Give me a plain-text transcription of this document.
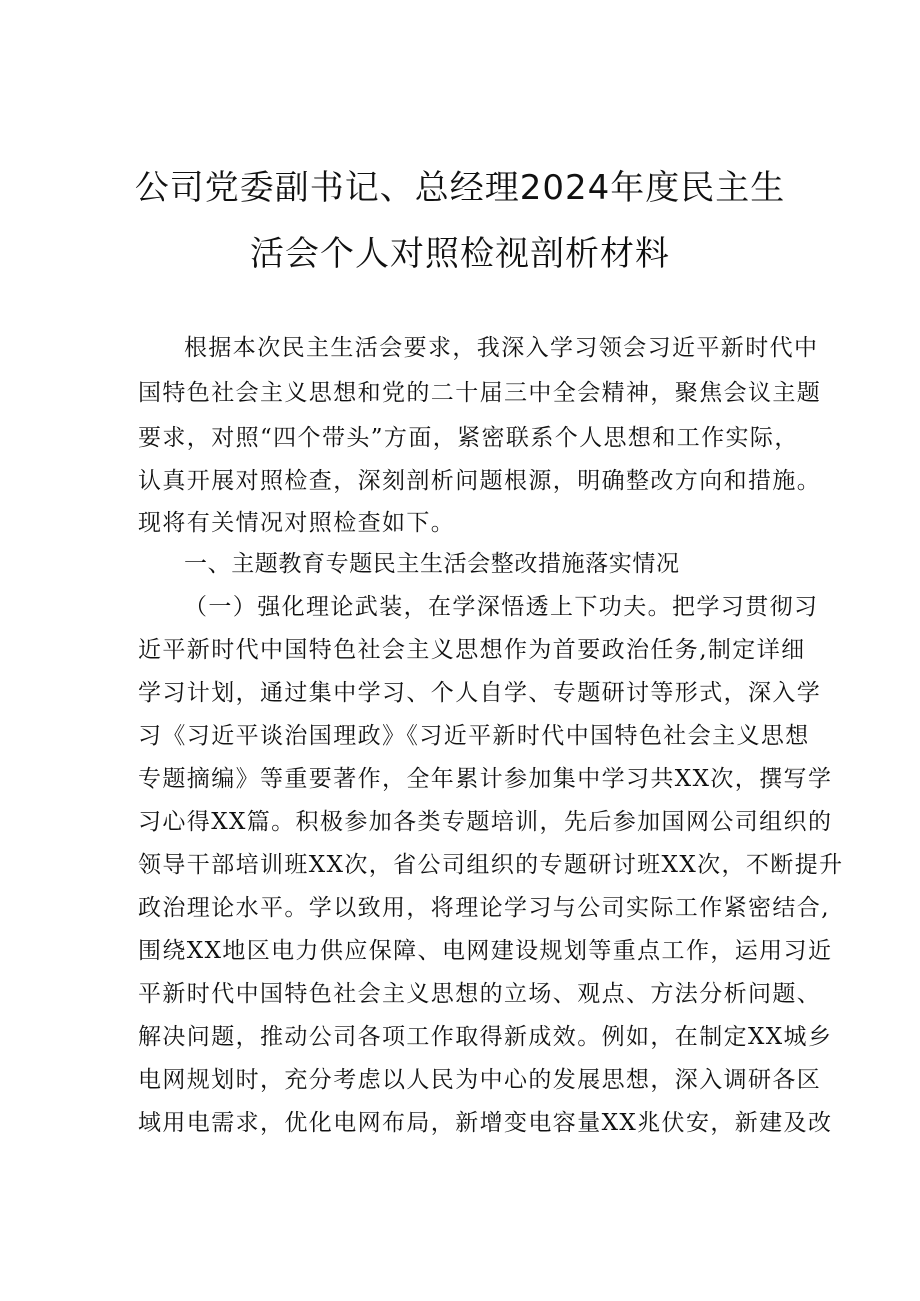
公司党委副书记、总经理2024年度民主生
活会个人对照检视剖析材料
根据本次民主生活会要求，我深入学习领会习近平新时代中
国特色社会主义思想和党的二十届三中全会精神，聚焦会议主题
要求，对照“四个带头”方面，紧密联系个人思想和工作实际，
认真开展对照检查，深刻剖析问题根源，明确整改方向和措施。
现将有关情况对照检查如下。
一、主题教育专题民主生活会整改措施落实情况
（一）强化理论武装，在学深悟透上下功夫。把学习贯彻习
近平新时代中国特色社会主义思想作为首要政治任务,制定详细
学习计划，通过集中学习、个人自学、专题研讨等形式，深入学
习《习近平谈治国理政》《习近平新时代中国特色社会主义思想
专题摘编》等重要著作，全年累计参加集中学习共XX次，撰写学
习心得XX篇。积极参加各类专题培训，先后参加国网公司组织的
领导干部培训班XX次，省公司组织的专题研讨班XX次，不断提升
政治理论水平。学以致用，将理论学习与公司实际工作紧密结合,
围绕XX地区电力供应保障、电网建设规划等重点工作，运用习近
平新时代中国特色社会主义思想的立场、观点、方法分析问题、
解决问题，推动公司各项工作取得新成效。例如，在制定XX城乡
电网规划时，充分考虑以人民为中心的发展思想，深入调研各区
域用电需求，优化电网布局，新增变电容量XX兆伏安，新建及改
